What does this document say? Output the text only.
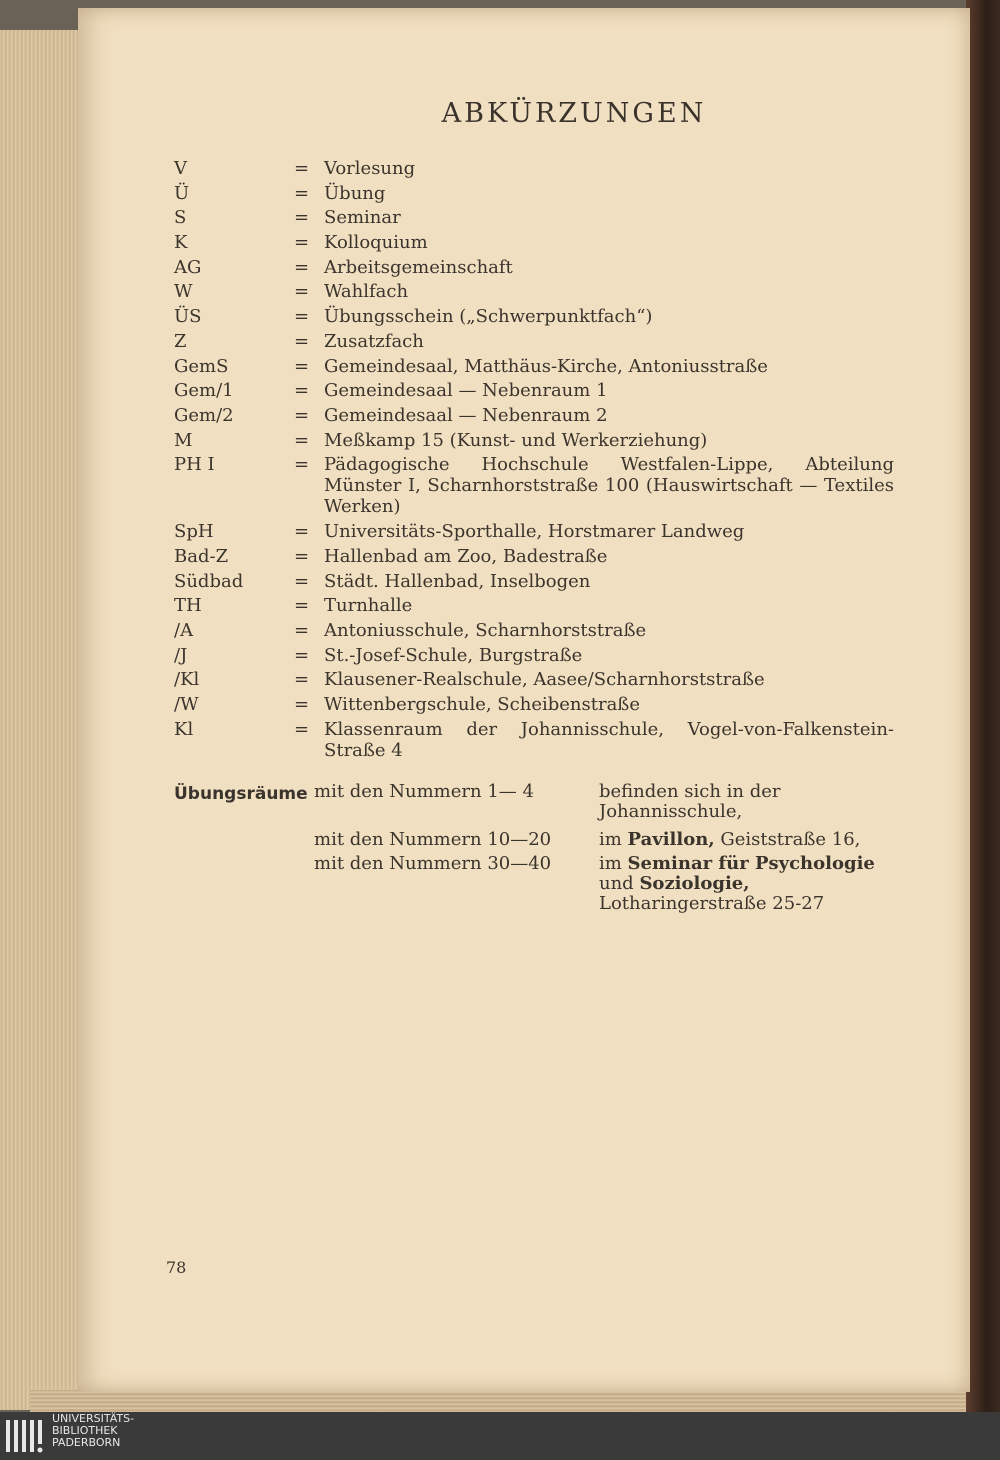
ABKÜRZUNGEN
V	= Vorlesung
Ü	= Übung
S	= Seminar
K	= Kolloquium
AG	= Arbeitsgemeinschaft
W	= Wahlfach
ÜS	= Übungsschein („Schwerpunktfach“)
Z	= Zusatzfach
GemS	= Gemeindesaal, Matthäus-Kirche, Antoniusstraße
Gem/1	= Gemeindesaal — Nebenraum 1
Gem/2	= Gemeindesaal — Nebenraum 2
M	= Meßkamp 15 (Kunst- und Werkerziehung)
PH I	= Pädagogische Hochschule Westfalen-Lippe, Abteilung Münster I, Scharnhorststraße 100 (Hauswirtschaft — Textiles Werken)
SpH	= Universitäts-Sporthalle, Horstmarer Landweg
Bad-Z	= Hallenbad am Zoo, Badestraße
Südbad	= Städt. Hallenbad, Inselbogen
TH	= Turnhalle
/A	= Antoniusschule, Scharnhorststraße
/J	= St.-Josef-Schule, Burgstraße
/Kl	= Klausener-Realschule, Aasee/Scharnhorststraße
/W	= Wittenbergschule, Scheibenstraße
Kl	= Klassenraum der Johannisschule, Vogel-von-Falkenstein-Straße 4
Übungsräume mit den Nummern 1— 4	befinden sich in der Johannisschule,
mit den Nummern 10—20	im Pavillon, Geiststraße 16,
mit den Nummern 30—40	im Seminar für Psychologie und Soziologie, Lotharingerstraße 25-27
78

UNIVERSITÄTS-
BIBLIOTHEK
PADERBORN
